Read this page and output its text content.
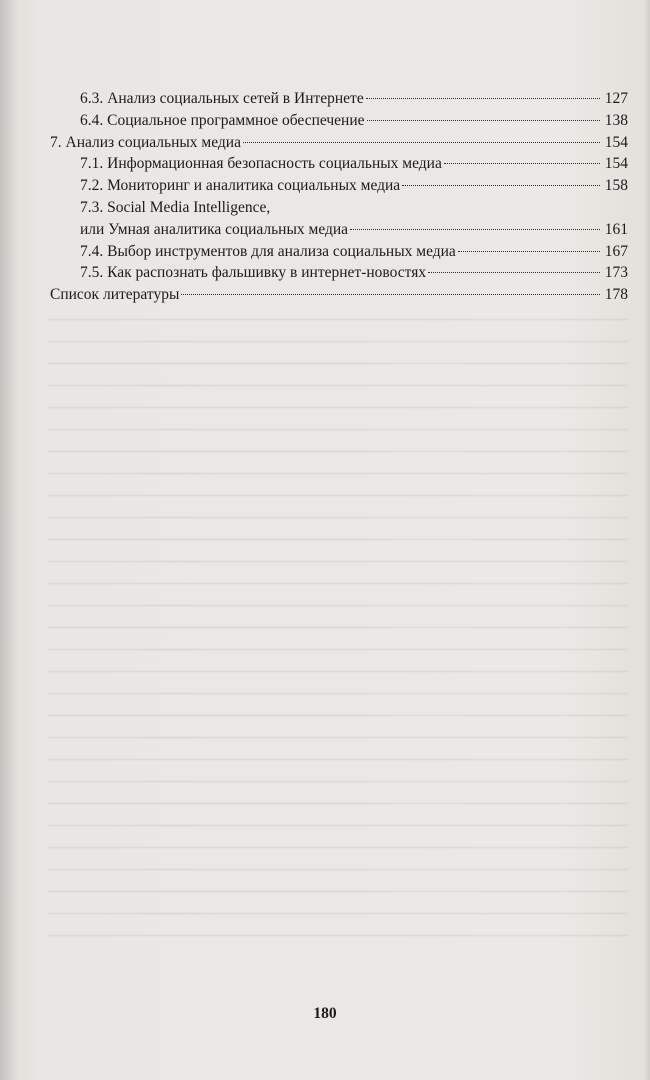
6.3. Анализ социальных сетей в Интернете	127
6.4. Социальное программное обеспечение	138
7. Анализ социальных медиа	154
7.1. Информационная безопасность социальных медиа	154
7.2. Мониторинг и аналитика социальных медиа	158
7.3. Social Media Intelligence,
или Умная аналитика социальных медиа	161
7.4. Выбор инструментов для анализа социальных медиа	167
7.5. Как распознать фальшивку в интернет-новостях	173
Список литературы	178
180
